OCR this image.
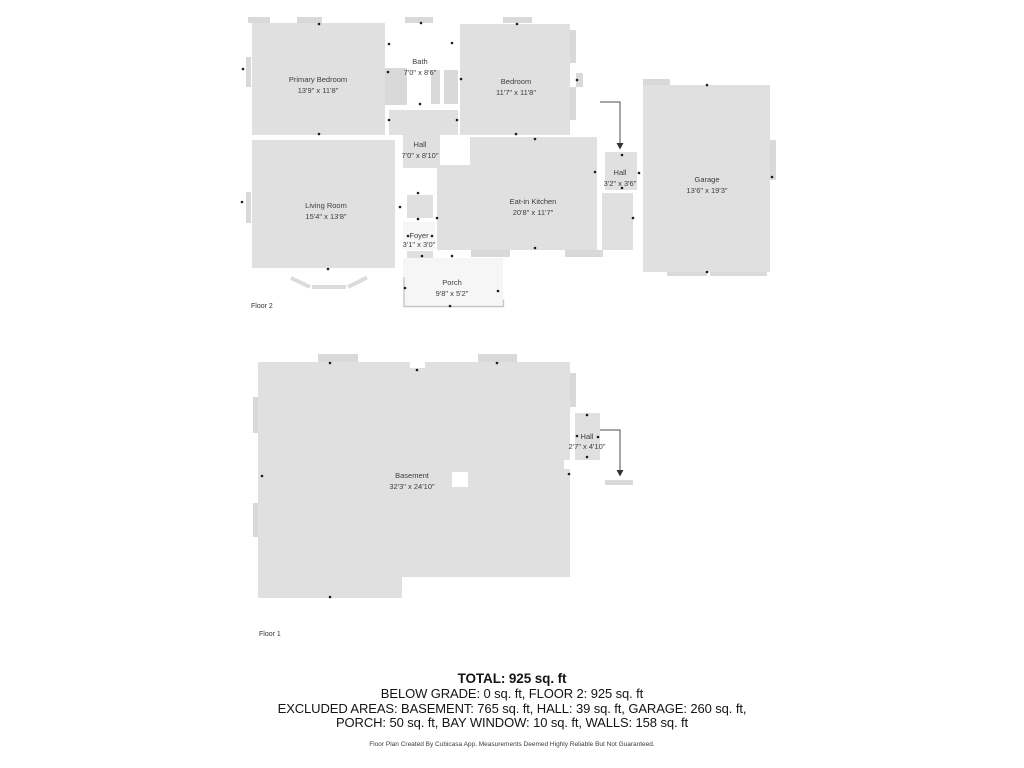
Primary Bedroom
13'9" x 11'8"
Bath
7'0" x 8'6"
Bedroom
11'7" x 11'8"
Hall
7'0" x 8'10"
Living Room
15'4" x 13'8"
Eat-in Kitchen
20'8" x 11'7"
Hall
3'2" x 3'6"	Garage
13'6" x 19'3"
Foyer
3'1" x 3'0"
Porch
9'8" x 5'2"
Floor 2
Basement
32'3" x 24'10"
Hall
2'7" x 4'10"
Floor 1
TOTAL: 925 sq. ft
BELOW GRADE: 0 sq. ft, FLOOR 2: 925 sq. ft
EXCLUDED AREAS: BASEMENT: 765 sq. ft, HALL: 39 sq. ft, GARAGE: 260 sq. ft,
PORCH: 50 sq. ft, BAY WINDOW: 10 sq. ft, WALLS: 158 sq. ft
Floor Plan Created By Cubicasa App. Measurements Deemed Highly Reliable But Not Guaranteed.
